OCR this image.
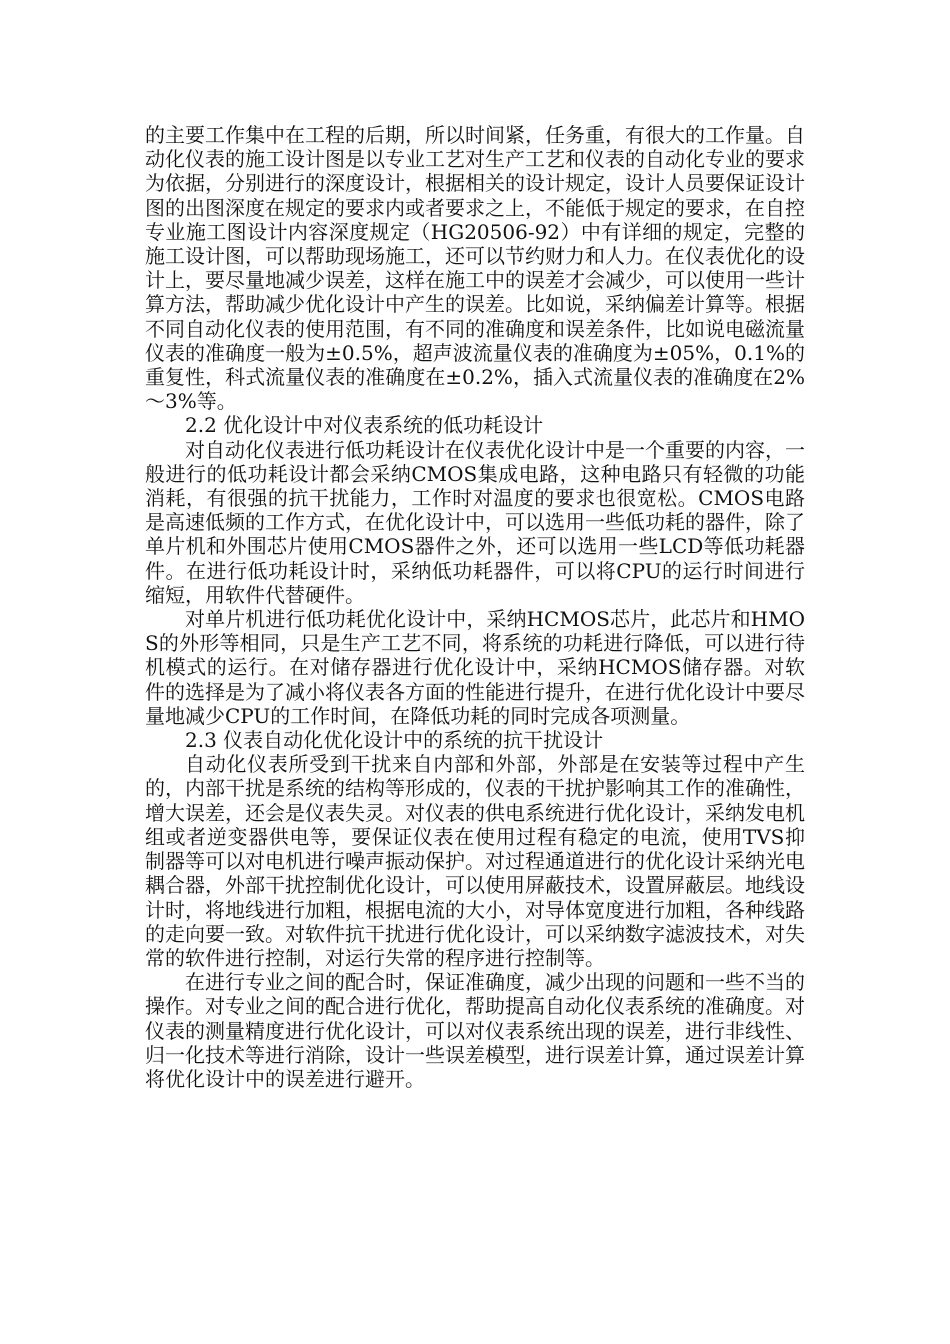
的主要工作集中在工程的后期，所以时间紧，任务重，有很大的工作量。自动化仪表的施工设计图是以专业工艺对生产工艺和仪表的自动化专业的要求为依据，分别进行的深度设计，根据相关的设计规定，设计人员要保证设计图的出图深度在规定的要求内或者要求之上，不能低于规定的要求，在自控专业施工图设计内容深度规定（HG20506-92）中有详细的规定，完整的施工设计图，可以帮助现场施工，还可以节约财力和人力。在仪表优化的设计上，要尽量地减少误差，这样在施工中的误差才会减少，可以使用一些计算方法，帮助减少优化设计中产生的误差。比如说，采纳偏差计算等。根据不同自动化仪表的使用范围，有不同的准确度和误差条件，比如说电磁流量仪表的准确度一般为±0.5%，超声波流量仪表的准确度为±05%，0.1%的重复性，科式流量仪表的准确度在±0.2%，插入式流量仪表的准确度在2%～3%等。

2.2 优化设计中对仪表系统的低功耗设计

对自动化仪表进行低功耗设计在仪表优化设计中是一个重要的内容，一般进行的低功耗设计都会采纳CMOS集成电路，这种电路只有轻微的功能消耗，有很强的抗干扰能力，工作时对温度的要求也很宽松。CMOS电路是高速低频的工作方式，在优化设计中，可以选用一些低功耗的器件，除了单片机和外围芯片使用CMOS器件之外，还可以选用一些LCD等低功耗器件。在进行低功耗设计时，采纳低功耗器件，可以将CPU的运行时间进行缩短，用软件代替硬件。

对单片机进行低功耗优化设计中，采纳HCMOS芯片，此芯片和HMOS的外形等相同，只是生产工艺不同，将系统的功耗进行降低，可以进行待机模式的运行。在对储存器进行优化设计中，采纳HCMOS储存器。对软件的选择是为了减小将仪表各方面的性能进行提升，在进行优化设计中要尽量地减少CPU的工作时间，在降低功耗的同时完成各项测量。

2.3 仪表自动化优化设计中的系统的抗干扰设计

自动化仪表所受到干扰来自内部和外部，外部是在安装等过程中产生的，内部干扰是系统的结构等形成的，仪表的干扰护影响其工作的准确性，增大误差，还会是仪表失灵。对仪表的供电系统进行优化设计，采纳发电机组或者逆变器供电等，要保证仪表在使用过程有稳定的电流，使用TVS抑制器等可以对电机进行噪声振动保护。对过程通道进行的优化设计采纳光电耦合器，外部干扰控制优化设计，可以使用屏蔽技术，设置屏蔽层。地线设计时，将地线进行加粗，根据电流的大小，对导体宽度进行加粗，各种线路的走向要一致。对软件抗干扰进行优化设计，可以采纳数字滤波技术，对失常的软件进行控制，对运行失常的程序进行控制等。

在进行专业之间的配合时，保证准确度，减少出现的问题和一些不当的操作。对专业之间的配合进行优化，帮助提高自动化仪表系统的准确度。对仪表的测量精度进行优化设计，可以对仪表系统出现的误差，进行非线性、归一化技术等进行消除，设计一些误差模型，进行误差计算，通过误差计算将优化设计中的误差进行避开。
